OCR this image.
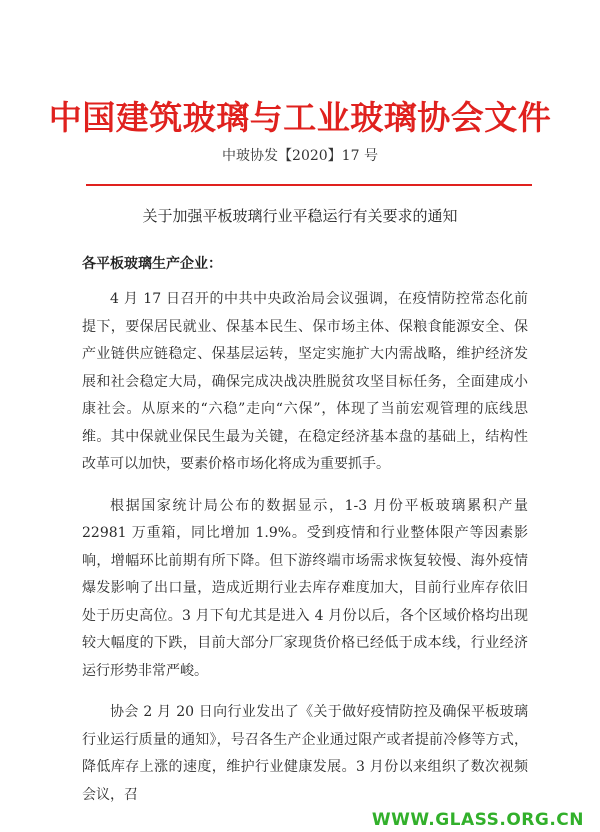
中国建筑玻璃与工业玻璃协会文件
中玻协发【2020】17 号
关于加强平板玻璃行业平稳运行有关要求的通知
各平板玻璃生产企业：

4 月 17 日召开的中共中央政治局会议强调，在疫情防控常态化前提下，要保居民就业、保基本民生、保市场主体、保粮食能源安全、保产业链供应链稳定、保基层运转，坚定实施扩大内需战略，维护经济发展和社会稳定大局，确保完成决战决胜脱贫攻坚目标任务，全面建成小康社会。从原来的“六稳”走向“六保”，体现了当前宏观管理的底线思维。其中保就业保民生最为关键，在稳定经济基本盘的基础上，结构性改革可以加快，要素价格市场化将成为重要抓手。

根据国家统计局公布的数据显示，1-3 月份平板玻璃累积产量 22981 万重箱，同比增加 1.9%。受到疫情和行业整体限产等因素影响，增幅环比前期有所下降。但下游终端市场需求恢复较慢、海外疫情爆发影响了出口量，造成近期行业去库存难度加大，目前行业库存依旧处于历史高位。3 月下旬尤其是进入 4 月份以后，各个区域价格均出现较大幅度的下跌，目前大部分厂家现货价格已经低于成本线，行业经济运行形势非常严峻。

协会 2 月 20 日向行业发出了《关于做好疫情防控及确保平板玻璃行业运行质量的通知》，号召各生产企业通过限产或者提前冷修等方式，降低库存上涨的速度，维护行业健康发展。3 月份以来组织了数次视频会议，召

WWW.GLASS.ORG.CN
